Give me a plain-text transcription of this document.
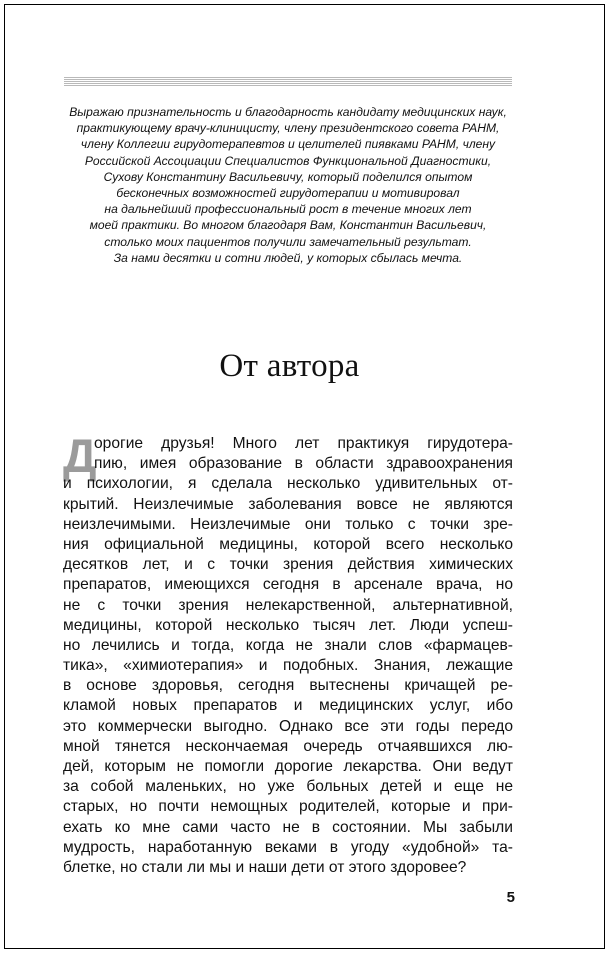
Выражаю признательность и благодарность кандидату медицинских наук,
практикующему врачу-клиницисту, члену президентского совета РАНМ,
члену Коллегии гирудотерапевтов и целителей пиявками РАНМ, члену
Российской Ассоциации Специалистов Функциональной Диагностики,
Сухову Константину Васильевичу, который поделился опытом
бесконечных возможностей гирудотерапии и мотивировал
на дальнейший профессиональный рост в течение многих лет
моей практики. Во многом благодаря Вам, Константин Васильевич,
столько моих пациентов получили замечательный результат.
За нами десятки и сотни людей, у которых сбылась мечта.
От автора
Д
орогие друзья! Много лет практикуя гирудотера-
пию, имея образование в области здравоохранения
и психологии, я сделала несколько удивительных от-
крытий. Неизлечимые заболевания вовсе не являются
неизлечимыми. Неизлечимые они только с точки зре-
ния официальной медицины, которой всего несколько
десятков лет, и с точки зрения действия химических
препаратов, имеющихся сегодня в арсенале врача, но
не с точки зрения нелекарственной, альтернативной,
медицины, которой несколько тысяч лет. Люди успеш-
но лечились и тогда, когда не знали слов «фармацев-
тика», «химиотерапия» и подобных. Знания, лежащие
в основе здоровья, сегодня вытеснены кричащей ре-
кламой новых препаратов и медицинских услуг, ибо
это коммерчески выгодно. Однако все эти годы передо
мной тянется нескончаемая очередь отчаявшихся лю-
дей, которым не помогли дорогие лекарства. Они ведут
за собой маленьких, но уже больных детей и еще не
старых, но почти немощных родителей, которые и при-
ехать ко мне сами часто не в состоянии. Мы забыли
мудрость, наработанную веками в угоду «удобной» та-
блетке, но стали ли мы и наши дети от этого здоровее?
5
